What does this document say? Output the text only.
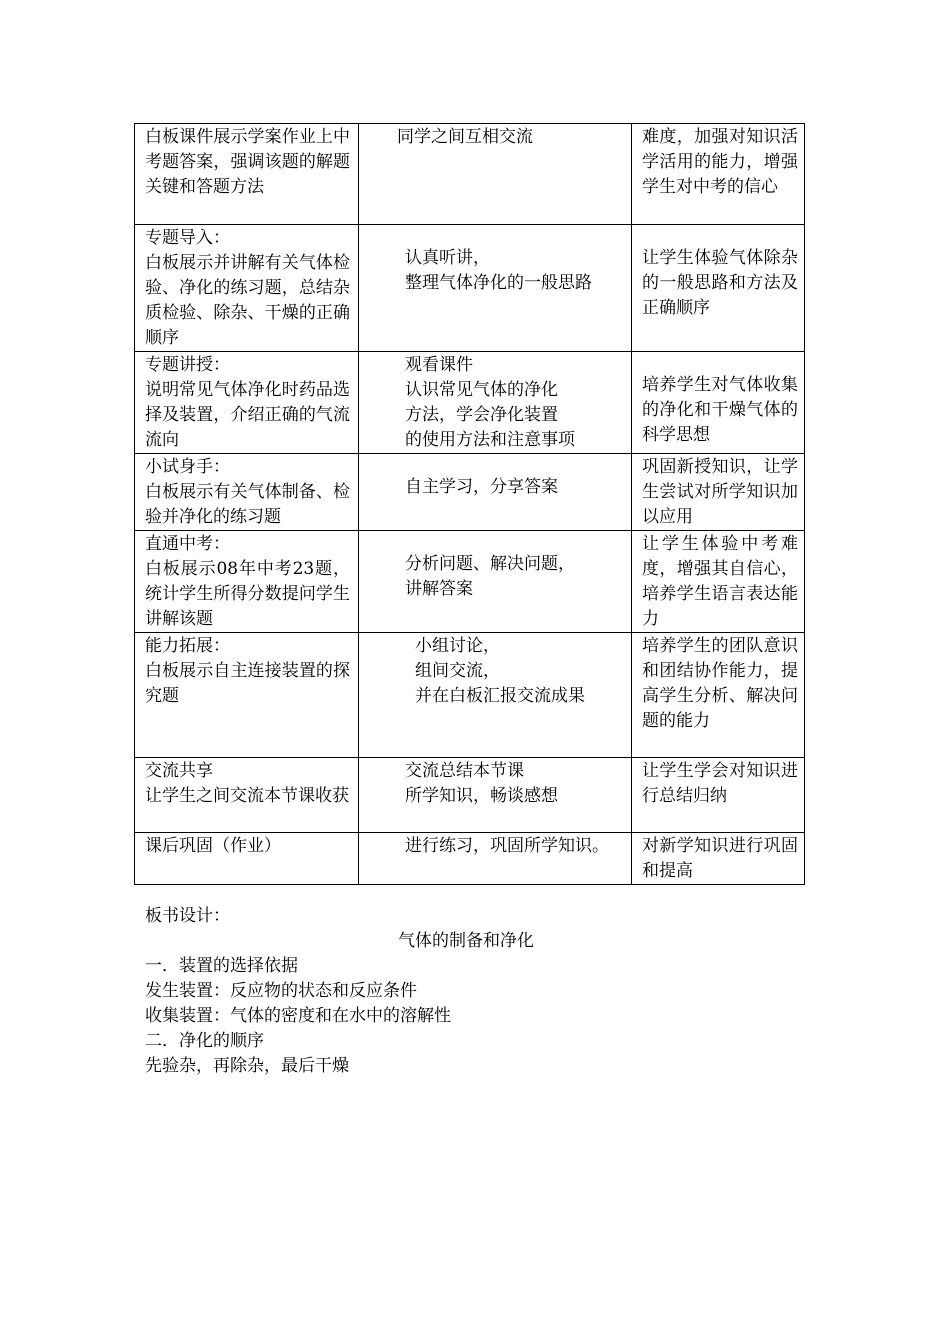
白板课件展示学案作业上中考题答案，强调该题的解题关键和答题方法	同学之间互相交流	难度，加强对知识活学活用的能力，增强学生对中考的信心

专题导入：
白板展示并讲解有关气体检验、净化的练习题，总结杂质检验、除杂、干燥的正确顺序	认真听讲，
整理气体净化的一般思路	让学生体验气体除杂的一般思路和方法及正确顺序

专题讲授：
说明常见气体净化时药品选择及装置，介绍正确的气流流向	观看课件
认识常见气体的净化
方法，学会净化装置
的使用方法和注意事项	培养学生对气体收集的净化和干燥气体的科学思想

小试身手：
白板展示有关气体制备、检验并净化的练习题	自主学习，分享答案	巩固新授知识，让学生尝试对所学知识加以应用

直通中考：
白板展示08年中考23题，统计学生所得分数提问学生讲解该题	分析问题、解决问题，
讲解答案	让学生体验中考难度，增强其自信心，培养学生语言表达能力

能力拓展：
白板展示自主连接装置的探究题	小组讨论，
组间交流，
并在白板汇报交流成果	培养学生的团队意识和团结协作能力，提高学生分析、解决问题的能力

交流共享
让学生之间交流本节课收获	交流总结本节课
所学知识，畅谈感想	让学生学会对知识进行总结归纳

课后巩固（作业）	进行练习，巩固所学知识。	对新学知识进行巩固和提高
板书设计：
气体的制备和净化
一．装置的选择依据
发生装置：反应物的状态和反应条件
收集装置：气体的密度和在水中的溶解性
二．净化的顺序
先验杂，再除杂，最后干燥
